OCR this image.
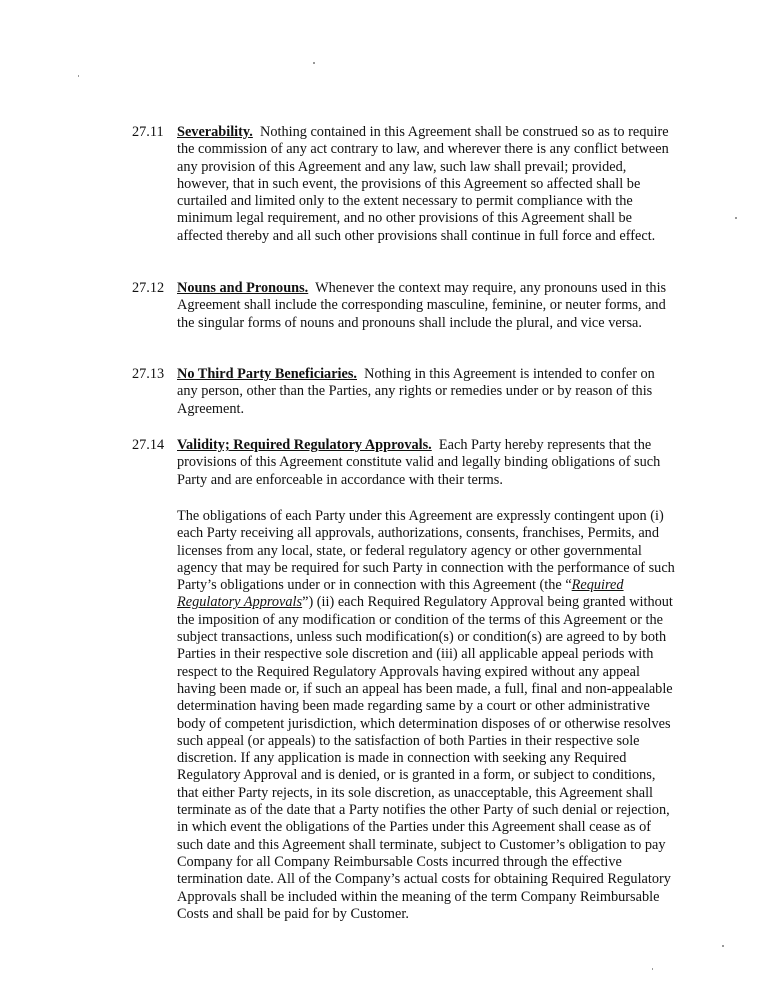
27.11 Severability. Nothing contained in this Agreement shall be construed so as to require the commission of any act contrary to law, and wherever there is any conflict between any provision of this Agreement and any law, such law shall prevail; provided, however, that in such event, the provisions of this Agreement so affected shall be curtailed and limited only to the extent necessary to permit compliance with the minimum legal requirement, and no other provisions of this Agreement shall be affected thereby and all such other provisions shall continue in full force and effect.
27.12 Nouns and Pronouns. Whenever the context may require, any pronouns used in this Agreement shall include the corresponding masculine, feminine, or neuter forms, and the singular forms of nouns and pronouns shall include the plural, and vice versa.
27.13 No Third Party Beneficiaries. Nothing in this Agreement is intended to confer on any person, other than the Parties, any rights or remedies under or by reason of this Agreement.
27.14 Validity; Required Regulatory Approvals. Each Party hereby represents that the provisions of this Agreement constitute valid and legally binding obligations of such Party and are enforceable in accordance with their terms.
The obligations of each Party under this Agreement are expressly contingent upon (i) each Party receiving all approvals, authorizations, consents, franchises, Permits, and licenses from any local, state, or federal regulatory agency or other governmental agency that may be required for such Party in connection with the performance of such Party’s obligations under or in connection with this Agreement (the “Required Regulatory Approvals”) (ii) each Required Regulatory Approval being granted without the imposition of any modification or condition of the terms of this Agreement or the subject transactions, unless such modification(s) or condition(s) are agreed to by both Parties in their respective sole discretion and (iii) all applicable appeal periods with respect to the Required Regulatory Approvals having expired without any appeal having been made or, if such an appeal has been made, a full, final and non-appealable determination having been made regarding same by a court or other administrative body of competent jurisdiction, which determination disposes of or otherwise resolves such appeal (or appeals) to the satisfaction of both Parties in their respective sole discretion. If any application is made in connection with seeking any Required Regulatory Approval and is denied, or is granted in a form, or subject to conditions, that either Party rejects, in its sole discretion, as unacceptable, this Agreement shall terminate as of the date that a Party notifies the other Party of such denial or rejection, in which event the obligations of the Parties under this Agreement shall cease as of such date and this Agreement shall terminate, subject to Customer’s obligation to pay Company for all Company Reimbursable Costs incurred through the effective termination date. All of the Company’s actual costs for obtaining Required Regulatory Approvals shall be included within the meaning of the term Company Reimbursable Costs and shall be paid for by Customer.
